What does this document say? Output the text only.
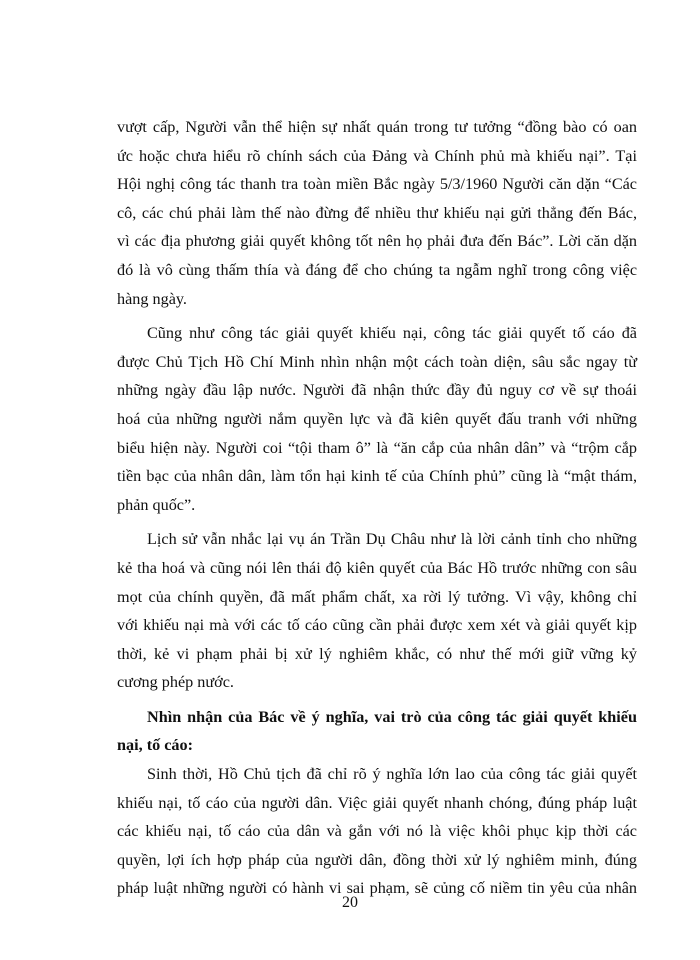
vượt cấp, Người vẫn thể hiện sự nhất quán trong tư tưởng “đồng bào có oan
ức hoặc chưa hiểu rõ chính sách của Đảng và Chính phủ mà khiếu nại”. Tại
Hội nghị công tác thanh tra toàn miền Bắc ngày 5/3/1960 Người căn dặn “Các
cô, các chú phải làm thế nào đừng để nhiều thư khiếu nại gửi thẳng đến Bác,
vì các địa phương giải quyết không tốt nên họ phải đưa đến Bác”. Lời căn dặn
đó là vô cùng thấm thía và đáng để cho chúng ta ngẫm nghĩ trong công việc
hàng ngày.

Cũng như công tác giải quyết khiếu nại, công tác giải quyết tố cáo đã
được Chủ Tịch Hồ Chí Minh nhìn nhận một cách toàn diện, sâu sắc ngay từ
những ngày đầu lập nước. Người đã nhận thức đầy đủ nguy cơ về sự thoái
hoá của những người nắm quyền lực và đã kiên quyết đấu tranh với những
biểu hiện này. Người coi “tội tham ô” là “ăn cắp của nhân dân” và “trộm cắp
tiền bạc của nhân dân, làm tổn hại kinh tế của Chính phủ” cũng là “mật thám,
phản quốc”.

Lịch sử vẫn nhắc lại vụ án Trần Dụ Châu như là lời cảnh tỉnh cho những
kẻ tha hoá và cũng nói lên thái độ kiên quyết của Bác Hồ trước những con sâu
mọt của chính quyền, đã mất phẩm chất, xa rời lý tưởng. Vì vậy, không chỉ
với khiếu nại mà với các tố cáo cũng cần phải được xem xét và giải quyết kịp
thời, kẻ vi phạm phải bị xử lý nghiêm khắc, có như thế mới giữ vững kỷ
cương phép nước.

Nhìn nhận của Bác về ý nghĩa, vai trò của công tác giải quyết khiếu
nại, tố cáo:

Sinh thời, Hồ Chủ tịch đã chỉ rõ ý nghĩa lớn lao của công tác giải quyết
khiếu nại, tố cáo của người dân. Việc giải quyết nhanh chóng, đúng pháp luật
các khiếu nại, tố cáo của dân và gắn với nó là việc khôi phục kịp thời các
quyền, lợi ích hợp pháp của người dân, đồng thời xử lý nghiêm minh, đúng
pháp luật những người có hành vi sai phạm, sẽ củng cố niềm tin yêu của nhân

20
